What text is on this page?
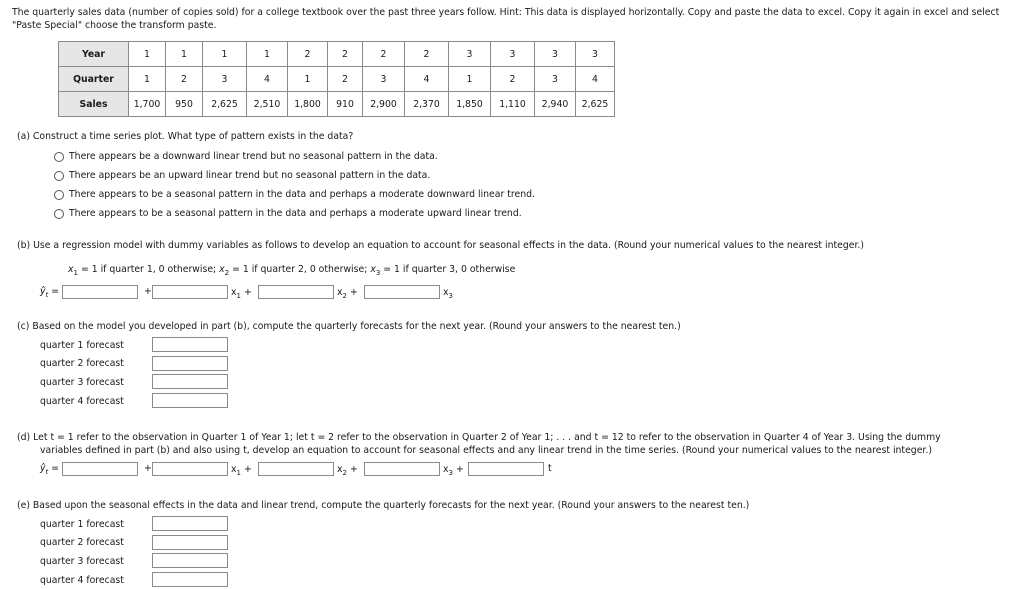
The quarterly sales data (number of copies sold) for a college textbook over the past three years follow. Hint: This data is displayed horizontally. Copy and paste the data to excel. Copy it again in excel and select "Paste Special" choose the transform paste.
Year	1	1	1	1	2	2	2	2	3	3	3	3
Quarter	1	2	3	4	1	2	3	4	1	2	3	4
Sales	1,700	950	2,625	2,510	1,800	910	2,900	2,370	1,850	1,110	2,940	2,625
(a) Construct a time series plot. What type of pattern exists in the data?
There appears be a downward linear trend but no seasonal pattern in the data.
There appears be an upward linear trend but no seasonal pattern in the data.
There appears to be a seasonal pattern in the data and perhaps a moderate downward linear trend.
There appears to be a seasonal pattern in the data and perhaps a moderate upward linear trend.
(b) Use a regression model with dummy variables as follows to develop an equation to account for seasonal effects in the data. (Round your numerical values to the nearest integer.)
$x_1 = 1$ if quarter 1, 0 otherwise; $x_2 = 1$ if quarter 2, 0 otherwise; $x_3 = 1$ if quarter 3, 0 otherwise
$ŷ_t$ =	+	$x_1$ +	$x_2$ +	$x_3$
(c) Based on the model you developed in part (b), compute the quarterly forecasts for the next year. (Round your answers to the nearest ten.)
quarter 1 forecast
quarter 2 forecast
quarter 3 forecast
quarter 4 forecast
(d) Let t = 1 refer to the observation in Quarter 1 of Year 1; let t = 2 refer to the observation in Quarter 2 of Year 1; . . . and t = 12 to refer to the observation in Quarter 4 of Year 3. Using the dummy
variables defined in part (b) and also using t, develop an equation to account for seasonal effects and any linear trend in the time series. (Round your numerical values to the nearest integer.)
$ŷ_t$ =	+	$x_1$ +	$x_2$ +	$x_3$ +	t
(e) Based upon the seasonal effects in the data and linear trend, compute the quarterly forecasts for the next year. (Round your answers to the nearest ten.)
quarter 1 forecast
quarter 2 forecast
quarter 3 forecast
quarter 4 forecast
